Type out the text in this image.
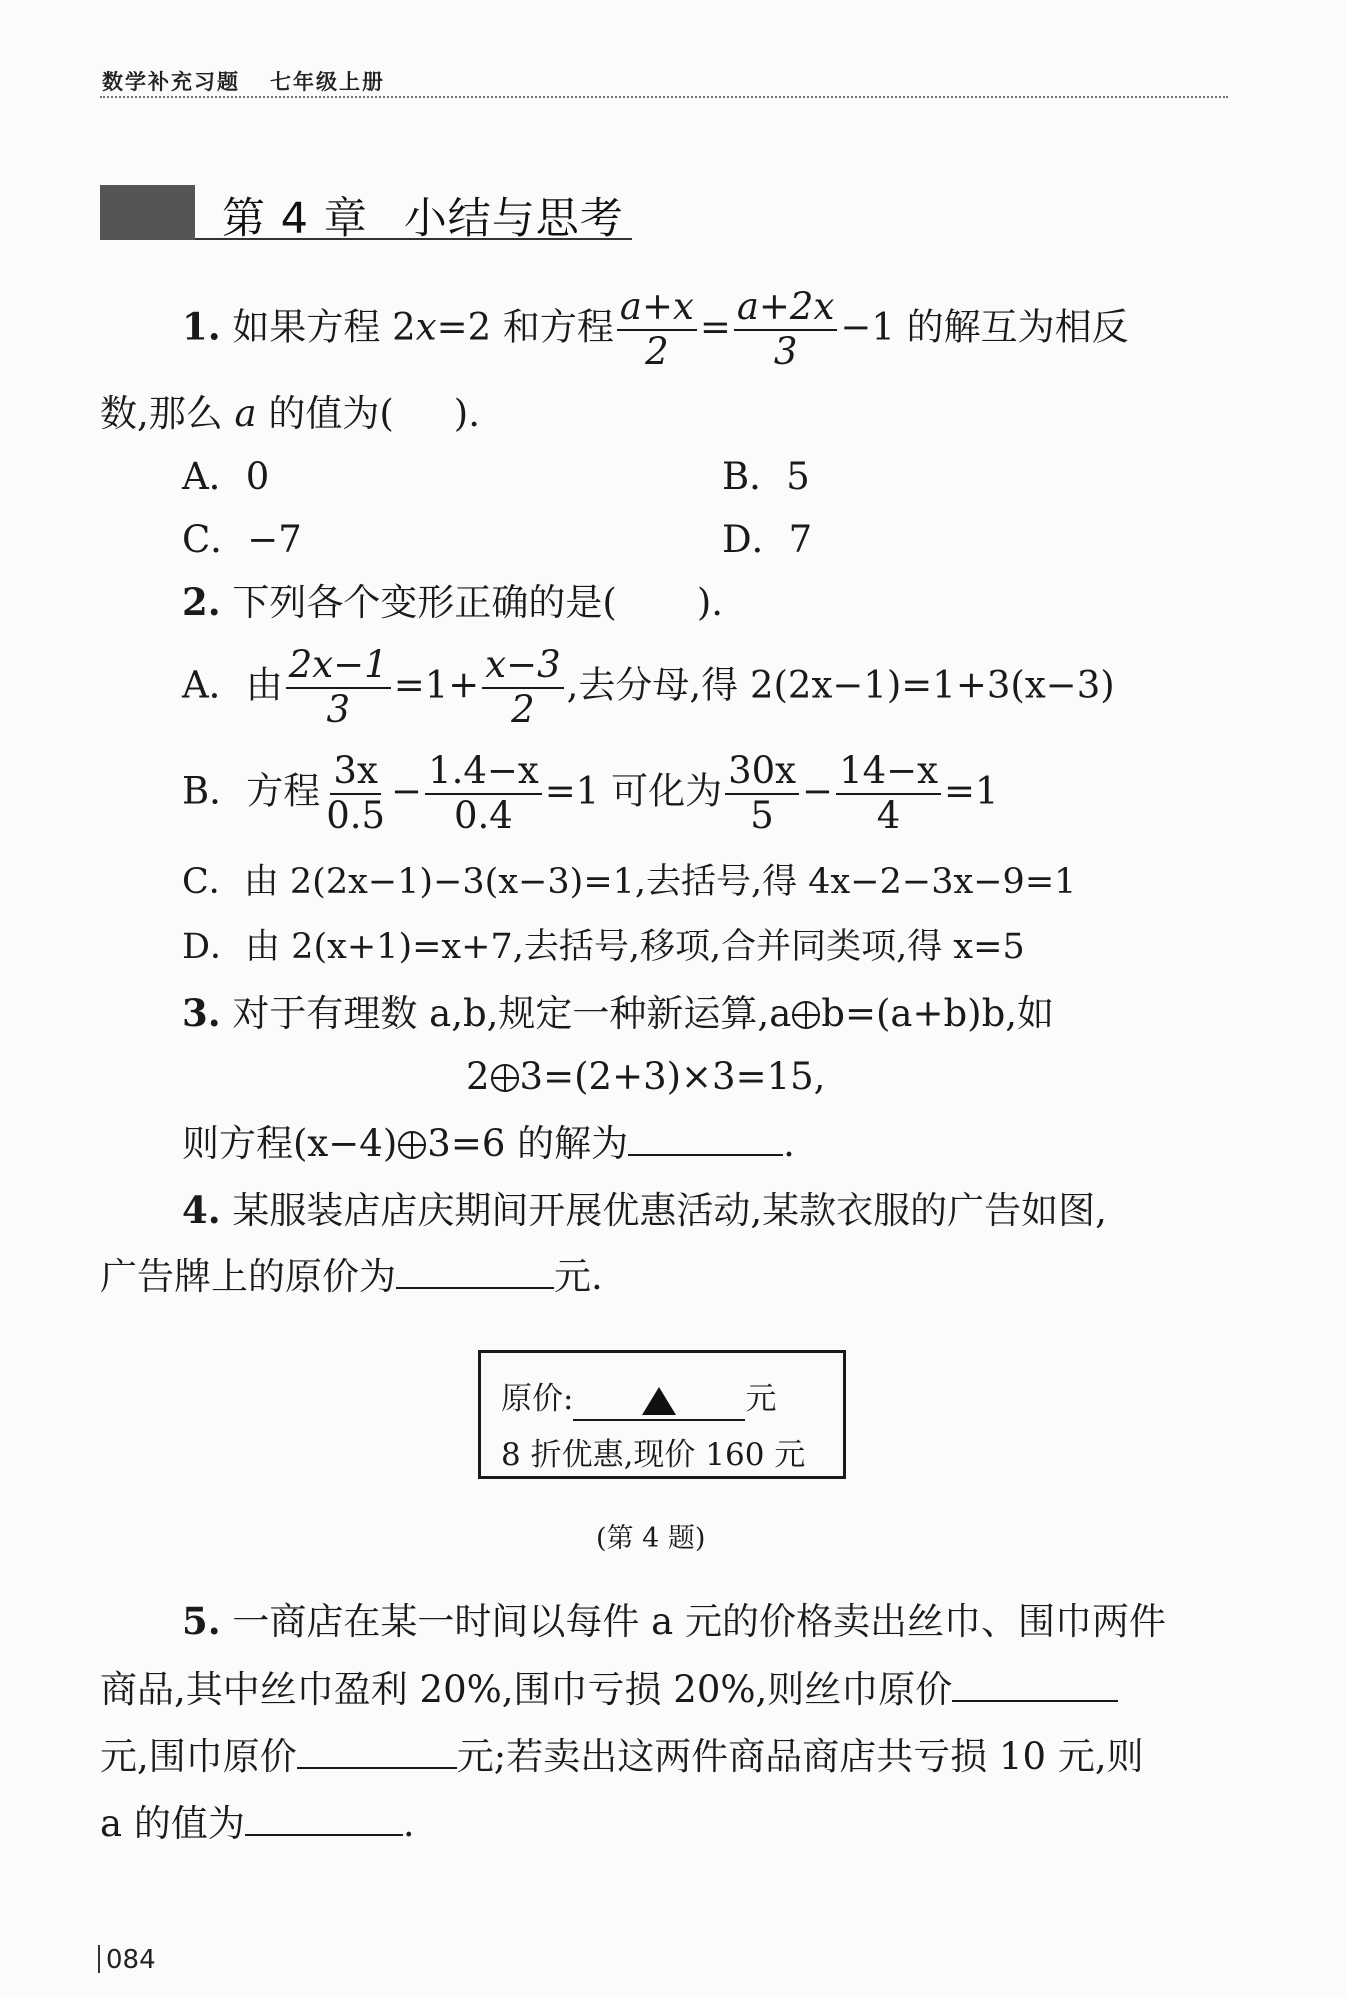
数学补充习题 七年级上册
第 4 章 小结与思考
1. 如果方程 2x=2 和方程 $\frac{a+x}{2} = \frac{a+2x}{3} -1$ 的解互为相反
数,那么 a 的值为( ).
A．0	B．5
C．−7	D．7
2. 下列各个变形正确的是( ).
A．由 $\frac{2x-1}{3} =1+ \frac{x-3}{2}$ ,去分母,得 2(2x−1)=1+3(x−3)
B．方程 $\frac{3x}{0.5} - \frac{1.4-x}{0.4} =1$ 可化为 $\frac{30x}{5} - \frac{14-x}{4} =1$
C．由 2(2x−1)−3(x−3)=1,去括号,得 4x−2−3x−9=1
D．由 2(x+1)=x+7,去括号,移项,合并同类项,得 x=5
3. 对于有理数 a,b,规定一种新运算,a b=(a+b)b,如
2 3=(2+3)×3=15,
则方程(x−4) 3=6 的解为	.
4. 某服装店店庆期间开展优惠活动,某款衣服的广告如图,
广告牌上的原价为	元.
原价:	元
8 折优惠,现价 160 元
(第 4 题)
5. 一商店在某一时间以每件 a 元的价格卖出丝巾、围巾两件
商品,其中丝巾盈利 20%,围巾亏损 20%,则丝巾原价
元,围巾原价	元;若卖出这两件商品商店共亏损 10 元,则
a 的值为	.
084
